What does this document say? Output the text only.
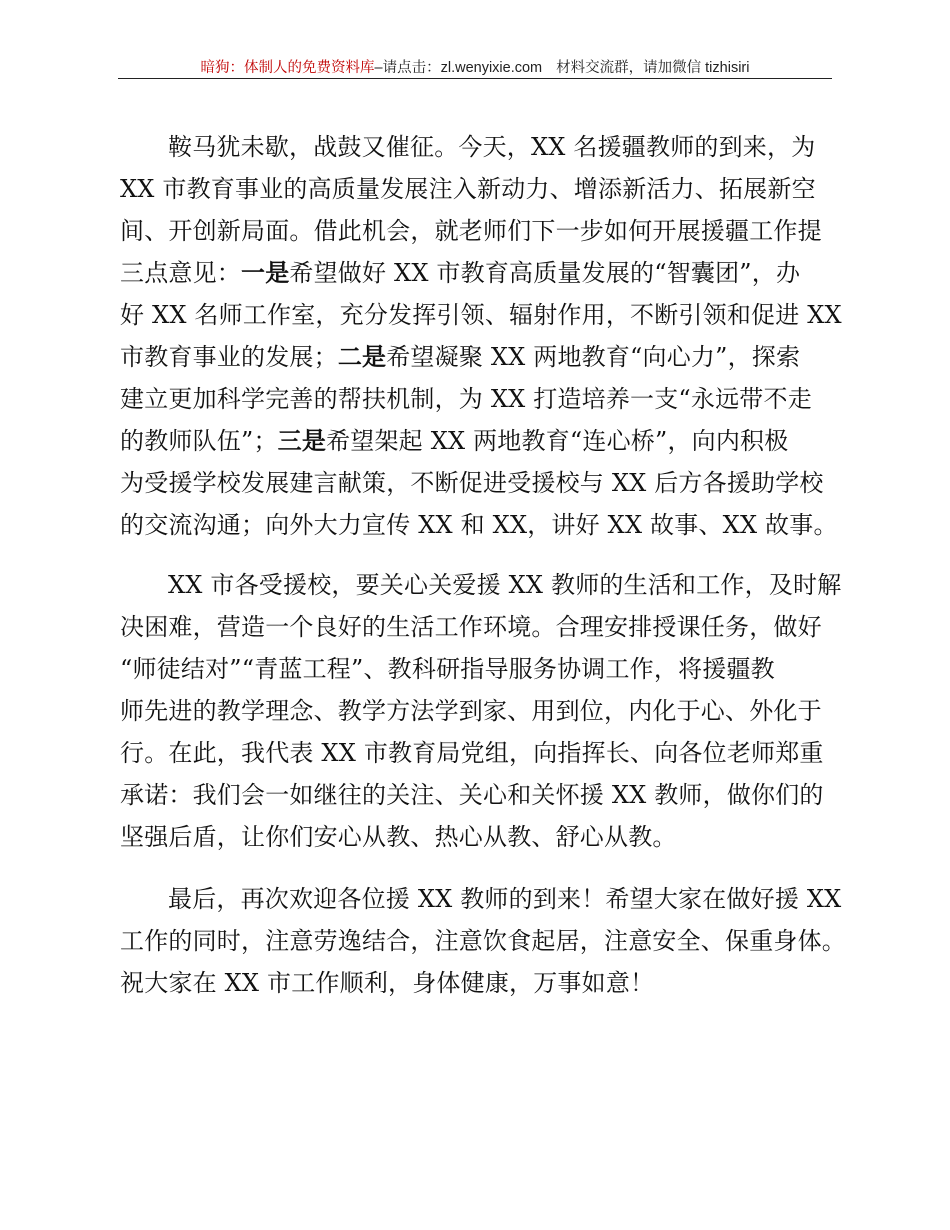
暗狗：体制人的免费资料库–请点击：zl.wenyixie.com 材料交流群，请加微信 tizhisiri

鞍马犹未歇，战鼓又催征。今天，XX 名援疆教师的到来，为
XX 市教育事业的高质量发展注入新动力、增添新活力、拓展新空
间、开创新局面。借此机会，就老师们下一步如何开展援疆工作提
三点意见：一是希望做好 XX 市教育高质量发展的“智囊团”，办
好 XX 名师工作室，充分发挥引领、辐射作用，不断引领和促进 XX
市教育事业的发展；二是希望凝聚 XX 两地教育“向心力”，探索
建立更加科学完善的帮扶机制，为 XX 打造培养一支“永远带不走
的教师队伍”；三是希望架起 XX 两地教育“连心桥”，向内积极
为受援学校发展建言献策，不断促进受援校与 XX 后方各援助学校
的交流沟通；向外大力宣传 XX 和 XX，讲好 XX 故事、XX 故事。

XX 市各受援校，要关心关爱援 XX 教师的生活和工作，及时解
决困难，营造一个良好的生活工作环境。合理安排授课任务，做好
“师徒结对”“青蓝工程”、教科研指导服务协调工作，将援疆教
师先进的教学理念、教学方法学到家、用到位，内化于心、外化于
行。在此，我代表 XX 市教育局党组，向指挥长、向各位老师郑重
承诺：我们会一如继往的关注、关心和关怀援 XX 教师，做你们的
坚强后盾，让你们安心从教、热心从教、舒心从教。

最后，再次欢迎各位援 XX 教师的到来！希望大家在做好援 XX
工作的同时，注意劳逸结合，注意饮食起居，注意安全、保重身体。
祝大家在 XX 市工作顺利，身体健康，万事如意！
